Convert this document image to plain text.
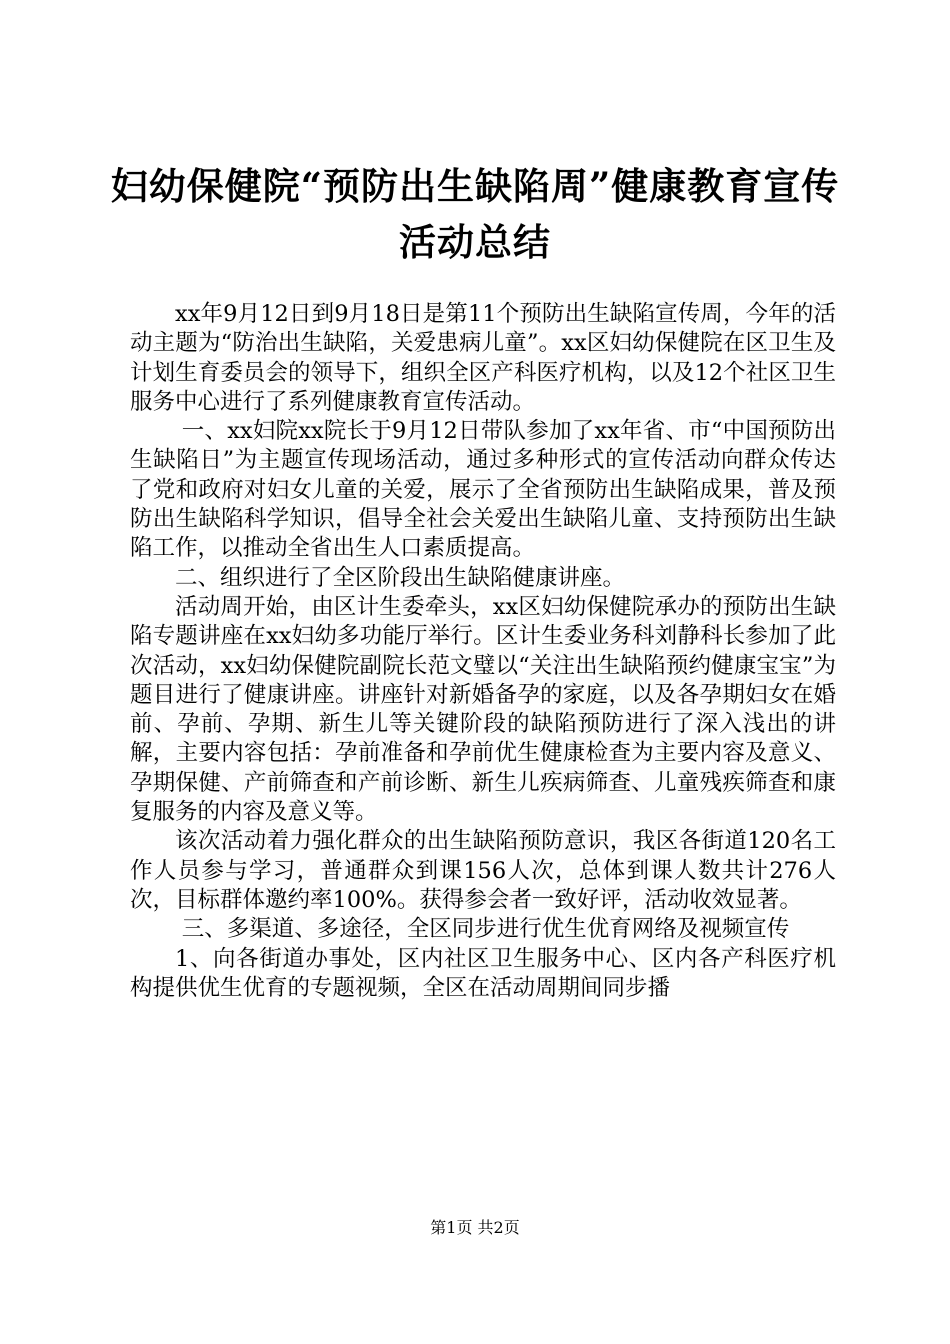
妇幼保健院“预防出生缺陷周”健康教育宣传
活动总结

xx年9月12日到9月18日是第11个预防出生缺陷宣传周，今年的活动主题为“防治出生缺陷，关爱患病儿童”。xx区妇幼保健院在区卫生及计划生育委员会的领导下，组织全区产科医疗机构，以及12个社区卫生服务中心进行了系列健康教育宣传活动。

一、xx妇院xx院长于9月12日带队参加了xx年省、市“中国预防出生缺陷日”为主题宣传现场活动，通过多种形式的宣传活动向群众传达了党和政府对妇女儿童的关爱，展示了全省预防出生缺陷成果，普及预防出生缺陷科学知识，倡导全社会关爱出生缺陷儿童、支持预防出生缺陷工作，以推动全省出生人口素质提高。

二、组织进行了全区阶段出生缺陷健康讲座。

活动周开始，由区计生委牵头，xx区妇幼保健院承办的预防出生缺陷专题讲座在xx妇幼多功能厅举行。区计生委业务科刘静科长参加了此次活动，xx妇幼保健院副院长范文璧以“关注出生缺陷预约健康宝宝”为题目进行了健康讲座。讲座针对新婚备孕的家庭，以及各孕期妇女在婚前、孕前、孕期、新生儿等关键阶段的缺陷预防进行了深入浅出的讲解，主要内容包括：孕前准备和孕前优生健康检查为主要内容及意义、孕期保健、产前筛查和产前诊断、新生儿疾病筛查、儿童残疾筛查和康复服务的内容及意义等。

该次活动着力强化群众的出生缺陷预防意识，我区各街道120名工作人员参与学习，普通群众到课156人次，总体到课人数共计276人次，目标群体邀约率100%。获得参会者一致好评，活动收效显著。

三、多渠道、多途径，全区同步进行优生优育网络及视频宣传

1、向各街道办事处，区内社区卫生服务中心、区内各产科医疗机构提供优生优育的专题视频，全区在活动周期间同步播

第1页 共2页
